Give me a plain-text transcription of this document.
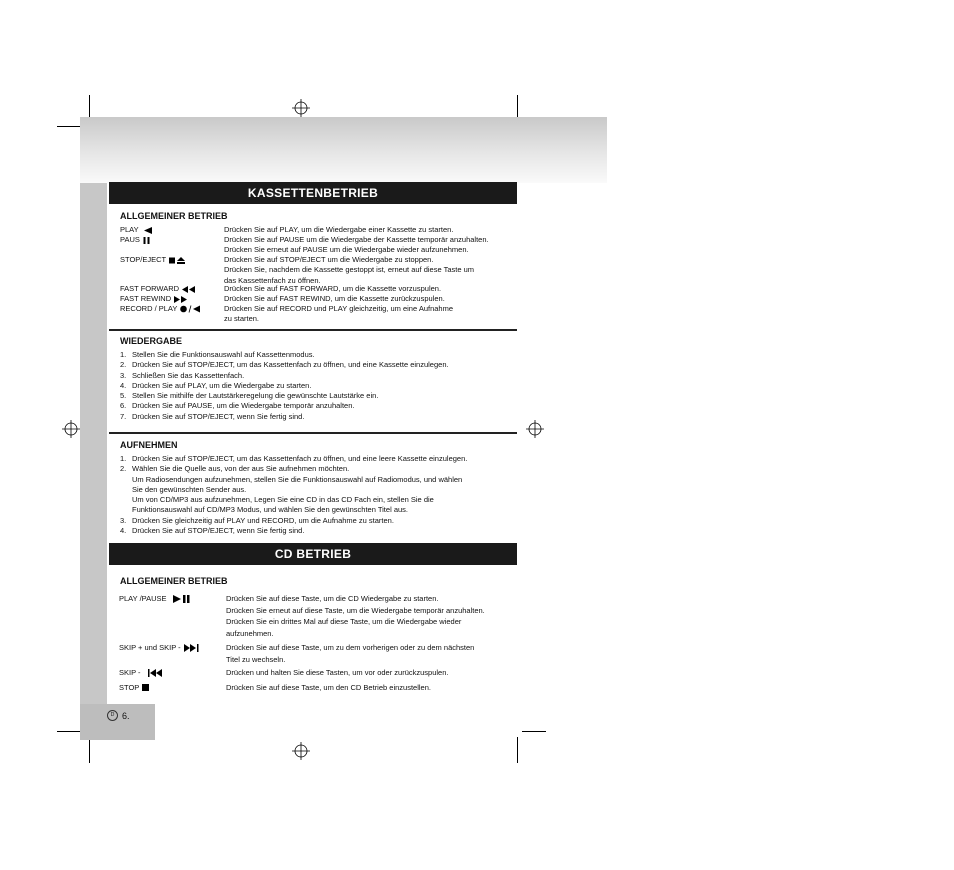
D 6.
KASSETTENBETRIEB
ALLGEMEINER BETRIEB
PLAY	Drücken Sie auf PLAY, um die Wiedergabe einer Kassette zu starten.
PAUS	Drücken Sie auf PAUSE um die Wiedergabe der Kassette temporär anzuhalten.
Drücken Sie erneut auf PAUSE um die Wiedergabe wieder aufzunehmen.
STOP/EJECT	Drücken Sie auf STOP/EJECT um die Wiedergabe zu stoppen.
Drücken Sie, nachdem die Kassette gestoppt ist, erneut auf diese Taste um
das Kassettenfach zu öffnen.
FAST FORWARD	Drücken Sie auf FAST FORWARD, um die Kassette vorzuspulen.
FAST REWIND	Drücken Sie auf FAST REWIND, um die Kassette zurückzuspulen.
RECORD / PLAY	Drücken Sie auf RECORD und PLAY gleichzeitig, um eine Aufnahme
zu starten.
WIEDERGABE
1. Stellen Sie die Funktionsauswahl auf Kassettenmodus.
2. Drücken Sie auf STOP/EJECT, um das Kassettenfach zu öffnen, und eine Kassette einzulegen.
3. Schließen Sie das Kassettenfach.
4. Drücken Sie auf PLAY, um die Wiedergabe zu starten.
5. Stellen Sie mithilfe der Lautstärkeregelung die gewünschte Lautstärke ein.
6. Drücken Sie auf PAUSE, um die Wiedergabe temporär anzuhalten.
7. Drücken Sie auf STOP/EJECT, wenn Sie fertig sind.
AUFNEHMEN
1. Drücken Sie auf STOP/EJECT, um das Kassettenfach zu öffnen, und eine leere Kassette einzulegen.
2. Wählen Sie die Quelle aus, von der aus Sie aufnehmen möchten.
Um Radiosendungen aufzunehmen, stellen Sie die Funktionsauswahl auf Radiomodus, und wählen
Sie den gewünschten Sender aus.
Um von CD/MP3 aus aufzunehmen, Legen Sie eine CD in das CD Fach ein, stellen Sie die
Funktionsauswahl auf CD/MP3 Modus, und wählen Sie den gewünschten Titel aus.
3. Drücken Sie gleichzeitig auf PLAY und RECORD, um die Aufnahme zu starten.
4. Drücken Sie auf STOP/EJECT, wenn Sie fertig sind.
CD BETRIEB
ALLGEMEINER BETRIEB
PLAY /PAUSE	Drücken Sie auf diese Taste, um die CD Wiedergabe zu starten.
Drücken Sie erneut auf diese Taste, um die Wiedergabe temporär anzuhalten.
Drücken Sie ein drittes Mal auf diese Taste, um die Wiedergabe wieder
aufzunehmen.
SKIP + und SKIP -	Drücken Sie auf diese Taste, um zu dem vorherigen oder zu dem nächsten
Titel zu wechseln.
SKIP -	Drücken und halten Sie diese Tasten, um vor oder zurückzuspulen.
STOP	Drücken Sie auf diese Taste, um den CD Betrieb einzustellen.
